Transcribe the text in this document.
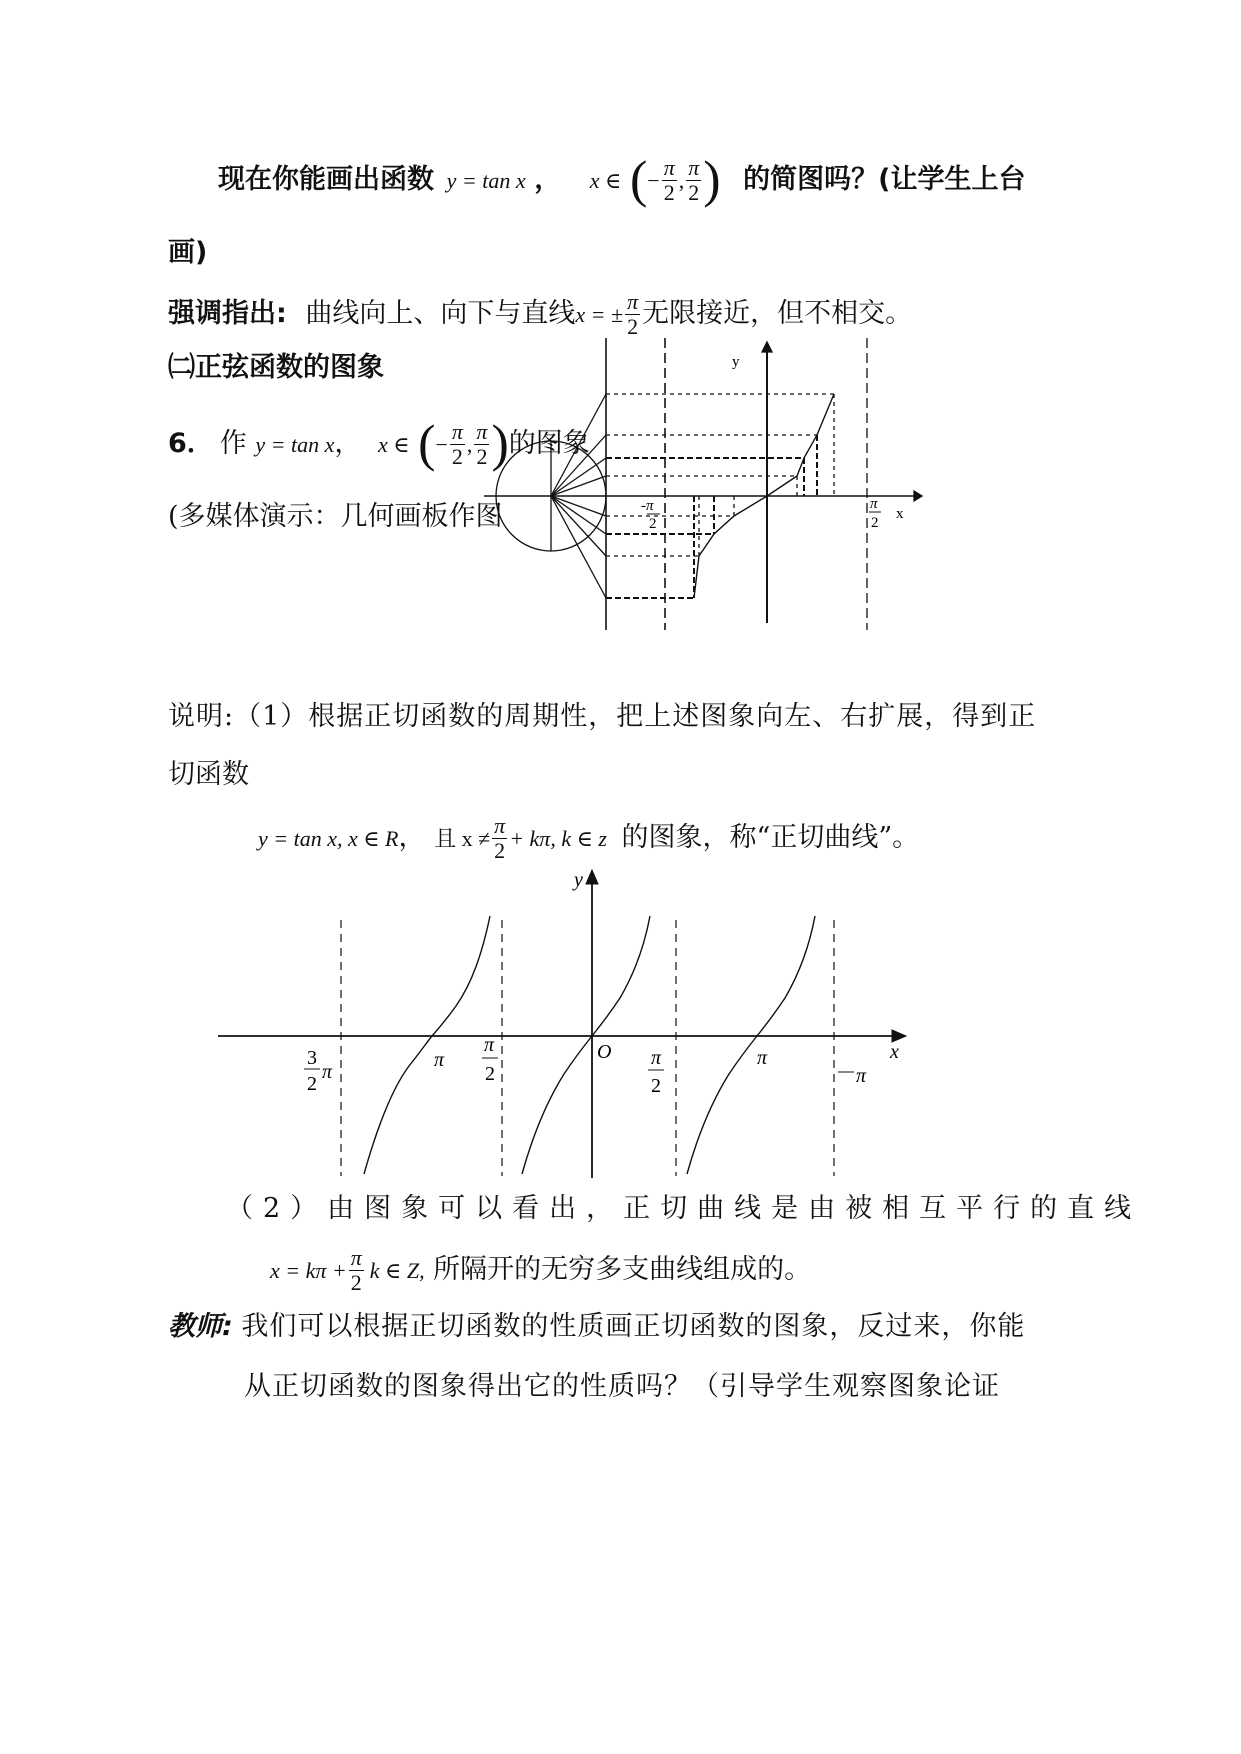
现在你能画出函数 y = tan x ， x ∈ (− $\frac{\pi}{2}$ , $\frac{\pi}{2}$ ) 的简图吗？(让学生上台
画)
强调指出: 曲线向上、向下与直线x = ± $\frac{\pi}{2}$ 无限接近，但不相交。
㈡正弦函数的图象
6． 作 y = tan x， x ∈ (− $\frac{\pi}{2}$ , $\frac{\pi}{2}$ )的图象
(多媒体演示：几何画板作图
y
x
-π
2
π
2
说明:（1）根据正切函数的周期性，把上述图象向左、右扩展，得到正
切函数
y = tan x, x ∈ R， 且 $x \ne \frac{\pi}{2} + k\pi$, k ∈ z 的图象，称“正切曲线”。
y
x
O
3
2
π
π
π
2
π
2
π
π
（2）由图象可以看出，正切曲线是由被相互平行的直线
$x = k\pi + \frac{\pi}{2}$ k ∈ Z, 所隔开的无穷多支曲线组成的。
教师: 我们可以根据正切函数的性质画正切函数的图象，反过来，你能
从正切函数的图象得出它的性质吗？（引导学生观察图象论证
